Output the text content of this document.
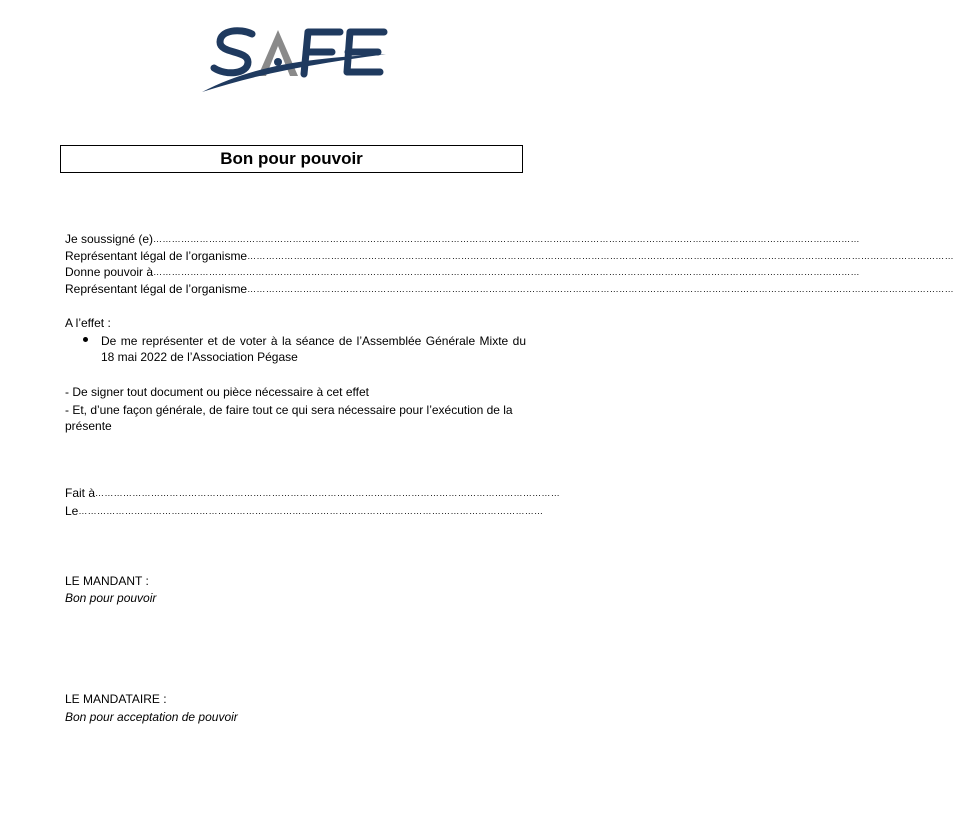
Bon pour pouvoir
Je soussigné (e) …………………………………………………………………………………………………………………………………………………………………………………………………………
Représentant légal de l’organisme …………………………………………………………………………………………………………………………………………………………………………………………………………
Donne pouvoir à …………………………………………………………………………………………………………………………………………………………………………………………………………
Représentant légal de l’organisme …………………………………………………………………………………………………………………………………………………………………………………………………………
A l’effet :
De me représenter et de voter à la séance de l’Assemblée Générale Mixte du 18 mai 2022 de l’Association Pégase
- De signer tout document ou pièce nécessaire à cet effet
- Et, d’une façon générale, de faire tout ce qui sera nécessaire pour l’exécution de la présente
Fait à ……………………………………………………………………………………………………………………………………
Le ……………………………………………………………………………………………………………………………………
LE MANDANT :
Bon pour pouvoir
LE MANDATAIRE :
Bon pour acceptation de pouvoir
